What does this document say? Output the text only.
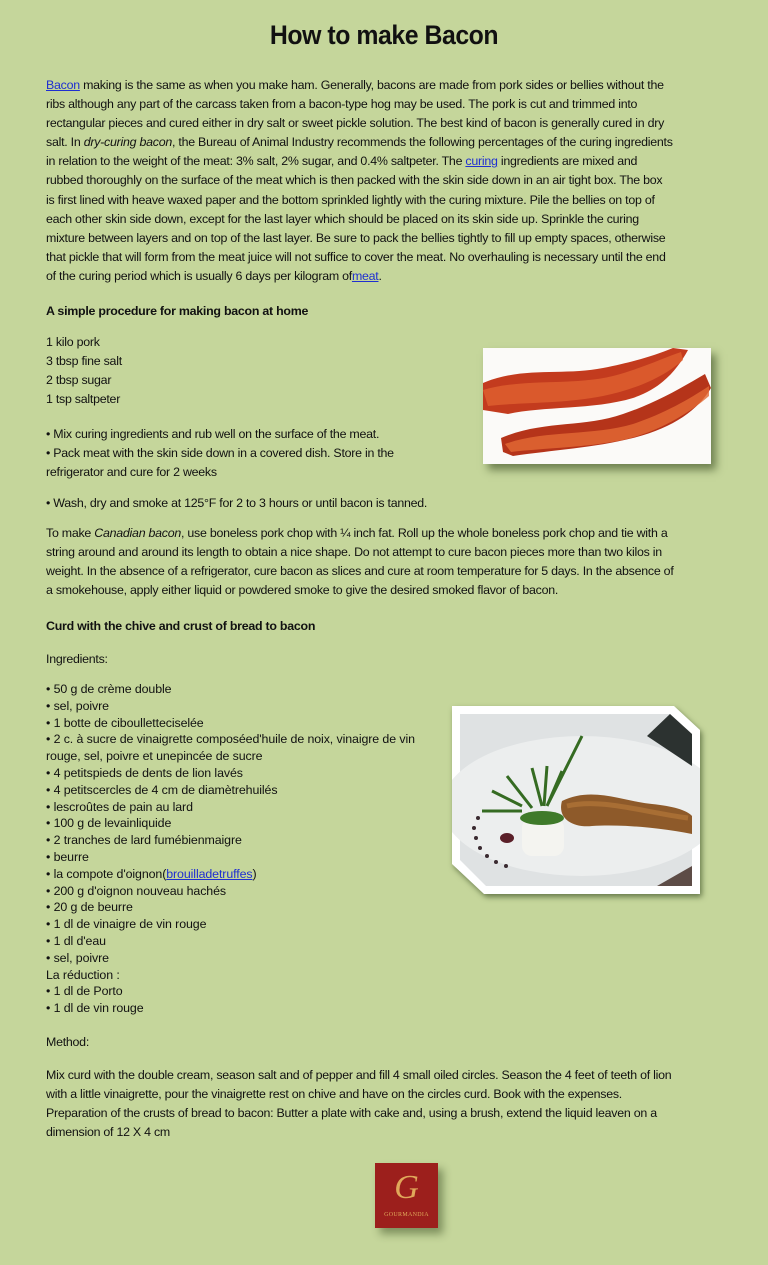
How to make Bacon
Bacon making is the same as when you make ham. Generally, bacons are made from pork sides or bellies without the
ribs although any part of the carcass taken from a bacon-type hog may be used. The pork is cut and trimmed into
rectangular pieces and cured either in dry salt or sweet pickle solution. The best kind of bacon is generally cured in dry
salt. In dry-curing bacon, the Bureau of Animal Industry recommends the following percentages of the curing ingredients
in relation to the weight of the meat: 3% salt, 2% sugar, and 0.4% saltpeter. The curing ingredients are mixed and
rubbed thoroughly on the surface of the meat which is then packed with the skin side down in an air tight box. The box
is first lined with heave waxed paper and the bottom sprinkled lightly with the curing mixture. Pile the bellies on top of
each other skin side down, except for the last layer which should be placed on its skin side up. Sprinkle the curing
mixture between layers and on top of the last layer. Be sure to pack the bellies tightly to fill up empty spaces, otherwise
that pickle that will form from the meat juice will not suffice to cover the meat. No overhauling is necessary until the end
of the curing period which is usually 6 days per kilogram ofmeat.
A simple procedure for making bacon at home
1 kilo pork
3 tbsp fine salt
2 tbsp sugar
1 tsp saltpeter
• Mix curing ingredients and rub well on the surface of the meat.
• Pack meat with the skin side down in a covered dish. Store in the
refrigerator and cure for 2 weeks
• Wash, dry and smoke at 125°F for 2 to 3 hours or until bacon is tanned.
To make Canadian bacon, use boneless pork chop with ¼ inch fat. Roll up the whole boneless pork chop and tie with a
string around and around its length to obtain a nice shape. Do not attempt to cure bacon pieces more than two kilos in
weight. In the absence of a refrigerator, cure bacon as slices and cure at room temperature for 5 days. In the absence of
a smokehouse, apply either liquid or powdered smoke to give the desired smoked flavor of bacon.
Curd with the chive and crust of bread to bacon
Ingredients:
• 50 g de crème double
• sel, poivre
• 1 botte de ciboulletteciselée
• 2 c. à sucre de vinaigrette composéed'huile de noix, vinaigre de vin
rouge, sel, poivre et unepincée de sucre
• 4 petitspieds de dents de lion lavés
• 4 petitscercles de 4 cm de diamètrehuilés
• lescroûtes de pain au lard
• 100 g de levainliquide
• 2 tranches de lard fumébienmaigre
• beurre
• la compote d'oignon(brouilladetruffes)
• 200 g d'oignon nouveau hachés
• 20 g de beurre
• 1 dl de vinaigre de vin rouge
• 1 dl d'eau
• sel, poivre
La réduction :
• 1 dl de Porto
• 1 dl de vin rouge
Method:
Mix curd with the double cream, season salt and of pepper and fill 4 small oiled circles. Season the 4 feet of teeth of lion
with a little vinaigrette, pour the vinaigrette rest on chive and have on the circles curd. Book with the expenses.
Preparation of the crusts of bread to bacon: Butter a plate with cake and, using a brush, extend the liquid leaven on a
dimension of 12 X 4 cm
G
GOURMANDIA
